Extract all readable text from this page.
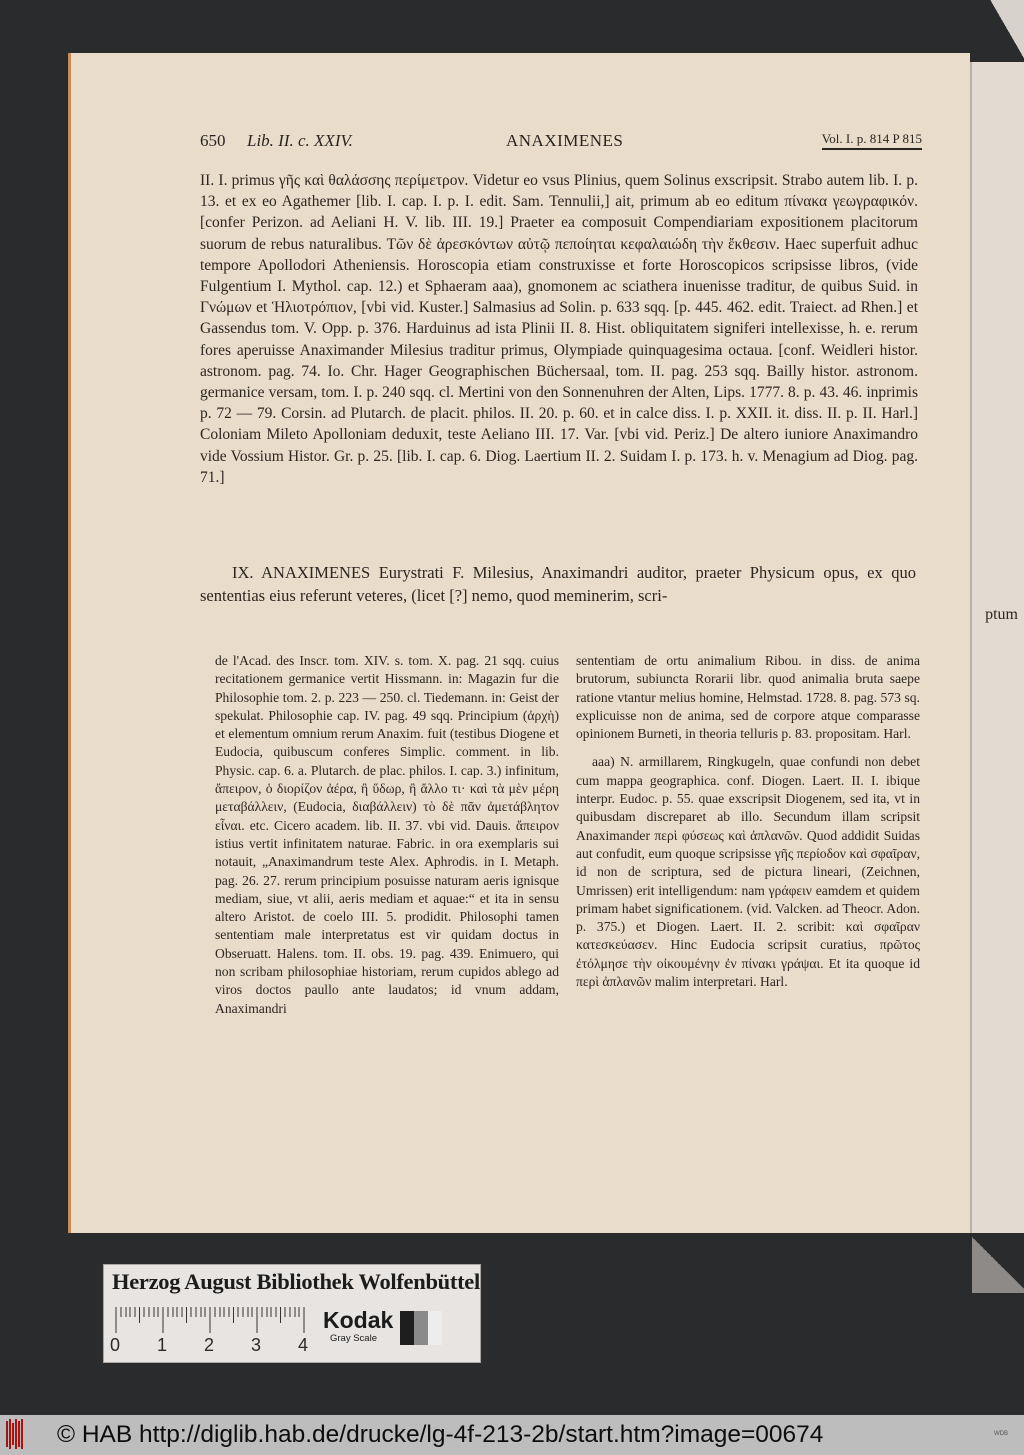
650 Lib. II. c. XXIV.	ANAXIMENES	Vol. I. p. 814 P 815

II. I. primus γῆς καὶ θαλάσσης περίμετρον. Videtur eo vsus Plinius, quem Solinus exscripsit. Strabo autem lib. I. p. 13. et ex eo Agathemer [lib. I. cap. I. p. I. edit. Sam. Tennulii,] ait, primum ab eo editum πίνακα γεωγραφικόν. [confer Perizon. ad Aeliani H. V. lib. III. 19.] Praeter ea composuit Compendiariam expositionem placitorum suorum de rebus naturalibus. Τῶν δὲ ἀρεσκόντων αὐτῷ πεποίηται κεφαλαιώδη τὴν ἔκθεσιν. Haec superfuit adhuc tempore Apollodori Atheniensis. Horoscopia etiam construxisse et forte Horoscopicos scripsisse libros, (vide Fulgentium I. Mythol. cap. 12.) et Sphaeram aaa), gnomonem ac sciatherа inuenisse traditur, de quibus Suid. in Γνώμων et Ἡλιοτρόπιον, [vbi vid. Kuster.] Salmasius ad Solin. p. 633 sqq. [p. 445. 462. edit. Traiect. ad Rhen.] et Gassendus tom. V. Opp. p. 376. Harduinus ad ista Plinii II. 8. Hist. obliquitatem signiferi intellexisse, h. e. rerum fores aperuisse Anaximander Milesius traditur primus, Olympiade quinquagesima octaua. [conf. Weidleri histor. astronom. pag. 74. Io. Chr. Hager Geographischen Büchersaal, tom. II. pag. 253 sqq. Bailly histor. astronom. germanice versam, tom. I. p. 240 sqq. cl. Mertini von den Sonnenuhren der Alten, Lips. 1777. 8. p. 43. 46. inprimis p. 72 — 79. Corsin. ad Plutarch. de placit. philos. II. 20. p. 60. et in calce diss. I. p. XXII. it. diss. II. p. II. Harl.] Coloniam Mileto Apolloniam deduxit, teste Aeliano III. 17. Var. [vbi vid. Periz.] De altero iuniore Anaximandro vide Vossium Histor. Gr. p. 25. [lib. I. cap. 6. Diog. Laertium II. 2. Suidam I. p. 173. h. v. Menagium ad Diog. pag. 71.]

IX. ANAXIMENES Eurystrati F. Milesius, Anaximandri auditor, praeter Physicum opus, ex quo sententias eius referunt veteres, (licet [?] nemo, quod meminerim, scri-

ptum

de l'Acad. des Inscr. tom. XIV. s. tom. X. pag. 21 sqq. cuius recitationem germanice vertit Hissmann. in: Magazin fur die Philosophie tom. 2. p. 223 — 250. cl. Tiedemann. in: Geist der spekulat. Philosophie cap. IV. pag. 49 sqq. Principium (ἀρχὴ) et elementum omnium rerum Anaxim. fuit (testibus Diogene et Eudocia, quibuscum conferes Simplic. comment. in lib. Physic. cap. 6. a. Plutarch. de plac. philos. I. cap. 3.) infinitum, ἄπειρον, ὁ διορίζον ἀέρα, ἢ ὕδωρ, ἢ ἄλλο τι· καὶ τὰ μὲν μέρη μεταβάλλειν, (Eudocia, διαβάλλειν) τὸ δὲ πᾶν ἀμετάβλητον εἶναι. etc. Cicero academ. lib. II. 37. vbi vid. Dauis. ἄπειρον istius vertit infinitatem naturae. Fabric. in ora exemplaris sui notauit, „Anaximandrum teste Alex. Aphrodis. in I. Metaph. pag. 26. 27. rerum principium posuisse naturam aeris ignisque mediam, siue, vt alii, aeris mediam et aquae:“ et ita in sensu altero Aristot. de coelo III. 5. prodidit. Philosophi tamen sententiam male interpretatus est vir quidam doctus in Obseruatt. Halens. tom. II. obs. 19. pag. 439. Enimuero, qui non scribam philosophiae historiam, rerum cupidos ablego ad viros doctos paullo ante laudatos; id vnum addam, Anaximandri

sententiam de ortu animalium Ribou. in diss. de anima brutorum, subiuncta Rorarii libr. quod animalia bruta saepe ratione vtantur melius homine, Helmstad. 1728. 8. pag. 573 sq. explicuisse non de anima, sed de corpore atque comparasse opinionem Burneti, in theoria telluris p. 83. propositam. Harl.

aaa) N. armillarem, Ringkugeln, quae confundi non debet cum mappa geographica. conf. Diogen. Laert. II. I. ibique interpr. Eudoc. p. 55. quae exscripsit Diogenem, sed ita, vt in quibusdam discreparet ab illo. Secundum illam scripsit Anaximander περὶ φύσεως καὶ ἀπλανῶν. Quod addidit Suidas aut confudit, eum quoque scripsisse γῆς περίοδον καὶ σφαῖραν, id non de scriptura, sed de pictura lineari, (Zeichnen, Umrissen) erit intelligendum: nam γράφειν eamdem et quidem primam habet significationem. (vid. Valcken. ad Theocr. Adon. p. 375.) et Diogen. Laert. II. 2. scribit: καὶ σφαῖραν κατεσκεύασεν. Hinc Eudocia scripsit curatius, πρῶτος ἐτόλμησε τὴν οἰκουμένην ἐν πίνακι γράψαι. Et ita quoque id περὶ ἀπλανῶν malim interpretari. Harl.

Herzog August Bibliothek Wolfenbüttel
0 1 2 3 4
Kodak
Gray Scale
© HAB http://diglib.hab.de/drucke/lg-4f-213-2b/start.htm?image=00674	WDB
